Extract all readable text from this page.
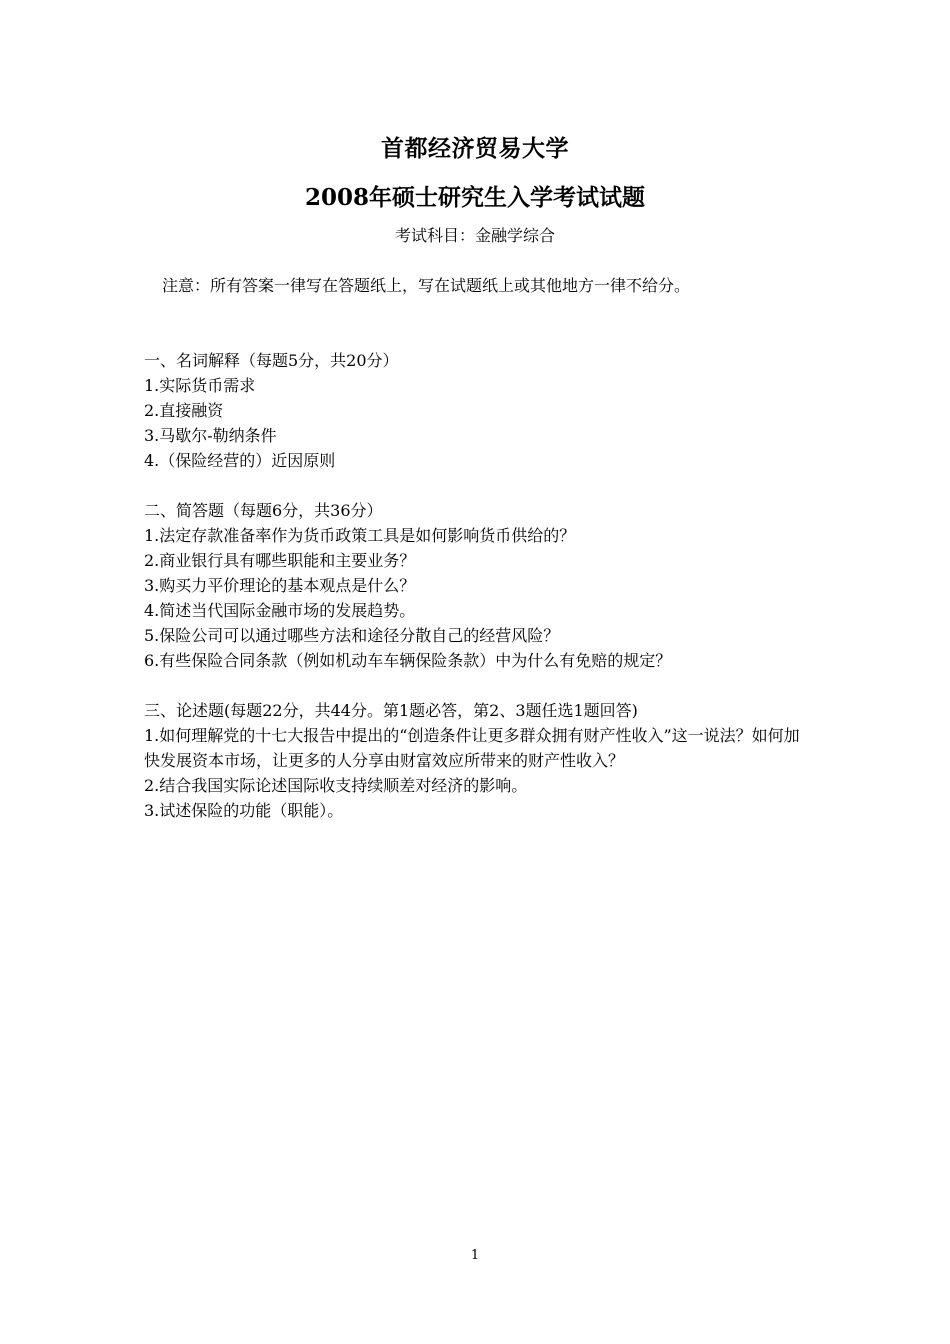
首都经济贸易大学
2008年硕士研究生入学考试试题
考试科目：金融学综合
注意：所有答案一律写在答题纸上，写在试题纸上或其他地方一律不给分。
一、名词解释（每题5分，共20分）
1.实际货币需求
2.直接融资
3.马歇尔-勒纳条件
4.（保险经营的）近因原则
二、简答题（每题6分，共36分）
1.法定存款准备率作为货币政策工具是如何影响货币供给的？
2.商业银行具有哪些职能和主要业务？
3.购买力平价理论的基本观点是什么？
4.简述当代国际金融市场的发展趋势。
5.保险公司可以通过哪些方法和途径分散自己的经营风险？
6.有些保险合同条款（例如机动车车辆保险条款）中为什么有免赔的规定？
三、论述题(每题22分，共44分。第1题必答，第2、3题任选1题回答)
1.如何理解党的十七大报告中提出的“创造条件让更多群众拥有财产性收入”这一说法？如何加快发展资本市场，让更多的人分享由财富效应所带来的财产性收入？
2.结合我国实际论述国际收支持续顺差对经济的影响。
3.试述保险的功能（职能）。
1
